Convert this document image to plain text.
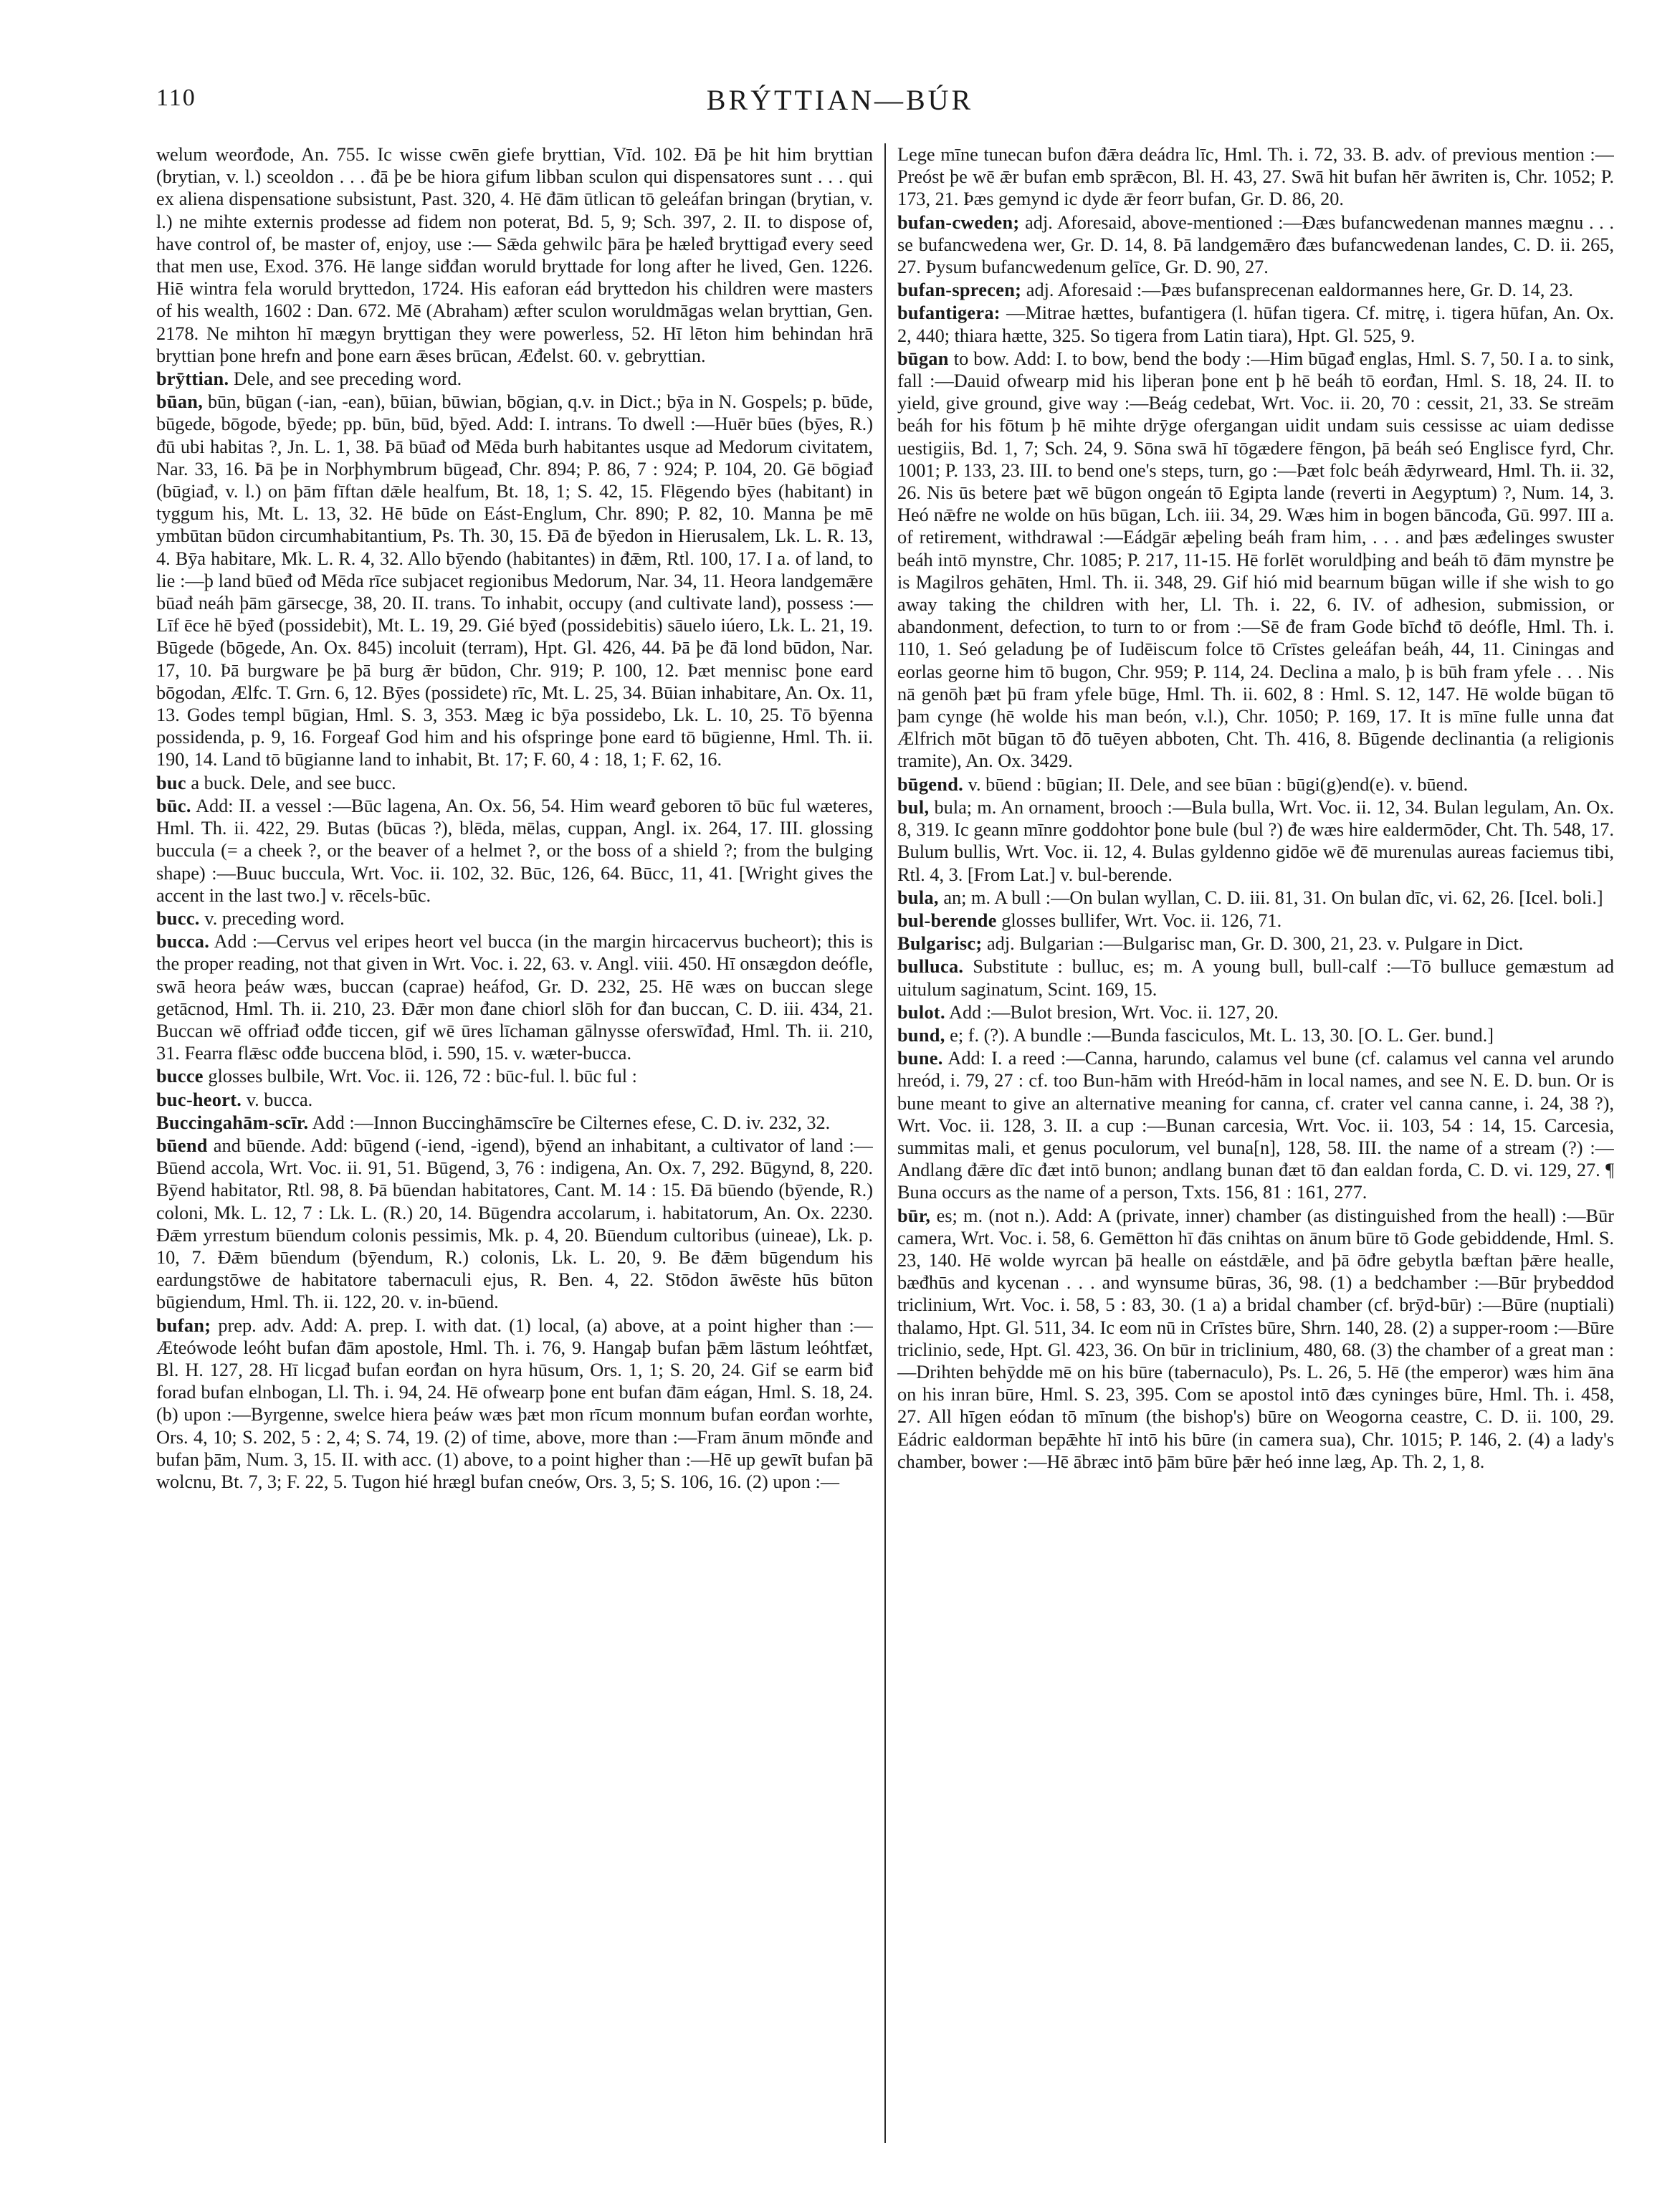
110	BRÝTTIAN—BÚR

welum weorđode, An. 755. Ic wisse cwēn giefe bryttian, Vīd. 102. Đā þe hit him bryttian (brytian, v. l.) sceoldon . . . đā þe be hiora gifum libban sculon qui dispensatores sunt . . . qui ex aliena dispensatione subsistunt, Past. 320, 4. Hē đām ūtlican tō geleáfan bringan (brytian, v. l.) ne mihte externis prodesse ad fidem non poterat, Bd. 5, 9; Sch. 397, 2. II. to dispose of, have control of, be master of, enjoy, use :— Sǣda gehwilc þāra þe hæleđ bryttigađ every seed that men use, Exod. 376. Hē lange siđđan woruld bryttade for long after he lived, Gen. 1226. Hiē wintra fela woruld bryttedon, 1724. His eaforan eád bryttedon his children were masters of his wealth, 1602 : Dan. 672. Mē (Abraham) æfter sculon woruldmāgas welan bryttian, Gen. 2178. Ne mihton hī mægyn bryttigan they were powerless, 52. Hī lēton him behindan hrā bryttian þone hrefn and þone earn ǣses brūcan, Æđelst. 60. v. gebryttian.

brȳttian. Dele, and see preceding word.

būan, būn, būgan (-ian, -ean), būian, būwian, bōgian, q.v. in Dict.; bȳa in N. Gospels; p. būde, būgede, bōgode, bȳede; pp. būn, būd, bȳed. Add: I. intrans. To dwell :—Huēr būes (bȳes, R.) đū ubi habitas ?, Jn. L. 1, 38. Þā būađ ođ Mēda burh habitantes usque ad Medorum civitatem, Nar. 33, 16. Þā þe in Norþhymbrum būgeađ, Chr. 894; P. 86, 7 : 924; P. 104, 20. Gē bōgiađ (būgiađ, v. l.) on þām fīftan dǣle healfum, Bt. 18, 1; S. 42, 15. Flēgendo bȳes (habitant) in tyggum his, Mt. L. 13, 32. Hē būde on Eást-Englum, Chr. 890; P. 82, 10. Manna þe mē ymbūtan būdon circumhabitantium, Ps. Th. 30, 15. Đā đe bȳedon in Hierusalem, Lk. L. R. 13, 4. Bȳa habitare, Mk. L. R. 4, 32. Allo bȳendo (habitantes) in đǣm, Rtl. 100, 17. I a. of land, to lie :—þ land būeđ ođ Mēda rīce subjacet regionibus Medorum, Nar. 34, 11. Heora landgemǣre būađ neáh þām gārsecge, 38, 20. II. trans. To inhabit, occupy (and cultivate land), possess :— Līf ēce hē bȳeđ (possidebit), Mt. L. 19, 29. Gié bȳeđ (possidebitis) sāuelo iúero, Lk. L. 21, 19. Būgede (bōgede, An. Ox. 845) incoluit (terram), Hpt. Gl. 426, 44. Þā þe đā lond būdon, Nar. 17, 10. Þā burgware þe þā burg ǣr būdon, Chr. 919; P. 100, 12. Þæt mennisc þone eard bōgodan, Ælfc. T. Grn. 6, 12. Bȳes (possidete) rīc, Mt. L. 25, 34. Būian inhabitare, An. Ox. 11, 13. Godes templ būgian, Hml. S. 3, 353. Mæg ic bȳa possidebo, Lk. L. 10, 25. Tō bȳenna possidenda, p. 9, 16. Forgeaf God him and his ofspringe þone eard tō būgienne, Hml. Th. ii. 190, 14. Land tō būgianne land to inhabit, Bt. 17; F. 60, 4 : 18, 1; F. 62, 16.

buc a buck. Dele, and see bucc.

būc. Add: II. a vessel :—Būc lagena, An. Ox. 56, 54. Him wearđ geboren tō būc ful wæteres, Hml. Th. ii. 422, 29. Butas (būcas ?), blēda, mēlas, cuppan, Angl. ix. 264, 17. III. glossing buccula (= a cheek ?, or the beaver of a helmet ?, or the boss of a shield ?; from the bulging shape) :—Buuc buccula, Wrt. Voc. ii. 102, 32. Būc, 126, 64. Būcc, 11, 41. [Wright gives the accent in the last two.] v. rēcels-būc.

bucc. v. preceding word.

bucca. Add :—Cervus vel eripes heort vel bucca (in the margin hircacervus bucheort); this is the proper reading, not that given in Wrt. Voc. i. 22, 63. v. Angl. viii. 450. Hī onsægdon deófle, swā heora þeáw wæs, buccan (caprae) heáfod, Gr. D. 232, 25. Hē wæs on buccan slege getācnod, Hml. Th. ii. 210, 23. Đǣr mon đane chiorl slōh for đan buccan, C. D. iii. 434, 21. Buccan wē offriađ ođđe ticcen, gif wē ūres līchaman gālnysse oferswīđađ, Hml. Th. ii. 210, 31. Fearra flǣsc ođđe buccena blōd, i. 590, 15. v. wæter-bucca.

bucce glosses bulbile, Wrt. Voc. ii. 126, 72 : būc-ful. l. būc ful :

buc-heort. v. bucca.

Buccingahām-scīr. Add :—Innon Buccinghāmscīre be Cilternes efese, C. D. iv. 232, 32.

būend and būende. Add: būgend (-iend, -igend), bȳend an inhabitant, a cultivator of land :—Būend accola, Wrt. Voc. ii. 91, 51. Būgend, 3, 76 : indigena, An. Ox. 7, 292. Būgynd, 8, 220. Bȳend habitator, Rtl. 98, 8. Þā būendan habitatores, Cant. M. 14 : 15. Đā būendo (bȳende, R.) coloni, Mk. L. 12, 7 : Lk. L. (R.) 20, 14. Būgendra accolarum, i. habitatorum, An. Ox. 2230. Đǣm yrrestum būendum colonis pessimis, Mk. p. 4, 20. Būendum cultoribus (uineae), Lk. p. 10, 7. Đǣm būendum (bȳendum, R.) colonis, Lk. L. 20, 9. Be đǣm būgendum his eardungstōwe de habitatore tabernaculi ejus, R. Ben. 4, 22. Stōdon āwēste hūs būton būgiendum, Hml. Th. ii. 122, 20. v. in-būend.

bufan; prep. adv. Add: A. prep. I. with dat. (1) local, (a) above, at a point higher than :—Æteówode leóht bufan đām apostole, Hml. Th. i. 76, 9. Hangaþ bufan þǣm lāstum leóhtfæt, Bl. H. 127, 28. Hī licgađ bufan eorđan on hyra hūsum, Ors. 1, 1; S. 20, 24. Gif se earm biđ forad bufan elnbogan, Ll. Th. i. 94, 24. Hē ofwearp þone ent bufan đām eágan, Hml. S. 18, 24. (b) upon :—Byrgenne, swelce hiera þeáw wæs þæt mon rīcum monnum bufan eorđan worhte, Ors. 4, 10; S. 202, 5 : 2, 4; S. 74, 19. (2) of time, above, more than :—Fram ānum mōnđe and bufan þām, Num. 3, 15. II. with acc. (1) above, to a point higher than :—Hē up gewīt bufan þā wolcnu, Bt. 7, 3; F. 22, 5. Tugon hié hrægl bufan cneów, Ors. 3, 5; S. 106, 16. (2) upon :—

Lege mīne tunecan bufon đǣra deádra līc, Hml. Th. i. 72, 33. B. adv. of previous mention :—Preóst þe wē ǣr bufan emb sprǣcon, Bl. H. 43, 27. Swā hit bufan hēr āwriten is, Chr. 1052; P. 173, 21. Þæs gemynd ic dyde ǣr feorr bufan, Gr. D. 86, 20.

bufan-cweden; adj. Aforesaid, above-mentioned :—Đæs bufancwedenan mannes mægnu . . . se bufancwedena wer, Gr. D. 14, 8. Þā landgemǣro đæs bufancwedenan landes, C. D. ii. 265, 27. Þysum bufancwedenum gelīce, Gr. D. 90, 27.

bufan-sprecen; adj. Aforesaid :—Þæs bufansprecenan ealdormannes here, Gr. D. 14, 23.

bufantigera: —Mitrae hættes, bufantigera (l. hūfan tigera. Cf. mitrę, i. tigera hūfan, An. Ox. 2, 440; thiara hætte, 325. So tigera from Latin tiara), Hpt. Gl. 525, 9.

būgan to bow. Add: I. to bow, bend the body :—Him būgađ englas, Hml. S. 7, 50. I a. to sink, fall :—Dauid ofwearp mid his liþeran þone ent þ hē beáh tō eorđan, Hml. S. 18, 24. II. to yield, give ground, give way :—Beág cedebat, Wrt. Voc. ii. 20, 70 : cessit, 21, 33. Se streām beáh for his fōtum þ hē mihte drȳge ofergangan uidit undam suis cessisse ac uiam dedisse uestigiis, Bd. 1, 7; Sch. 24, 9. Sōna swā hī tōgædere fēngon, þā beáh seó Englisce fyrd, Chr. 1001; P. 133, 23. III. to bend one's steps, turn, go :—Þæt folc beáh ǣdyrweard, Hml. Th. ii. 32, 26. Nis ūs betere þæt wē būgon ongeán tō Egipta lande (reverti in Aegyptum) ?, Num. 14, 3. Heó nǣfre ne wolde on hūs būgan, Lch. iii. 34, 29. Wæs him in bogen bāncođa, Gū. 997. III a. of retirement, withdrawal :—Eádgār æþeling beáh fram him, . . . and þæs æđelinges swuster beáh intō mynstre, Chr. 1085; P. 217, 11-15. Hē forlēt woruldþing and beáh tō đām mynstre þe is Magilros gehāten, Hml. Th. ii. 348, 29. Gif hió mid bearnum būgan wille if she wish to go away taking the children with her, Ll. Th. i. 22, 6. IV. of adhesion, submission, or abandonment, defection, to turn to or from :—Sē đe fram Gode bīchđ tō deófle, Hml. Th. i. 110, 1. Seó geladung þe of Iudēiscum folce tō Crīstes geleáfan beáh, 44, 11. Ciningas and eorlas georne him tō bugon, Chr. 959; P. 114, 24. Declina a malo, þ is būh fram yfele . . . Nis nā genōh þæt þū fram yfele būge, Hml. Th. ii. 602, 8 : Hml. S. 12, 147. Hē wolde būgan tō þam cynge (hē wolde his man beón, v.l.), Chr. 1050; P. 169, 17. It is mīne fulle unna đat Ælfrich mōt būgan tō đō tuēyen abboten, Cht. Th. 416, 8. Būgende declinantia (a religionis tramite), An. Ox. 3429.

būgend. v. būend : būgian; II. Dele, and see būan : būgi(g)end(e). v. būend.

bul, bula; m. An ornament, brooch :—Bula bulla, Wrt. Voc. ii. 12, 34. Bulan legulam, An. Ox. 8, 319. Ic geann mīnre goddohtor þone bule (bul ?) đe wæs hire ealdermōder, Cht. Th. 548, 17. Bulum bullis, Wrt. Voc. ii. 12, 4. Bulas gyldenno gidōe wē đē murenulas aureas faciemus tibi, Rtl. 4, 3. [From Lat.] v. bul-berende.

bula, an; m. A bull :—On bulan wyllan, C. D. iii. 81, 31. On bulan dīc, vi. 62, 26. [Icel. boli.]

bul-berende glosses bullifer, Wrt. Voc. ii. 126, 71.

Bulgarisc; adj. Bulgarian :—Bulgarisc man, Gr. D. 300, 21, 23. v. Pulgare in Dict.

bulluca. Substitute : bulluc, es; m. A young bull, bull-calf :—Tō bulluce gemæstum ad uitulum saginatum, Scint. 169, 15.

bulot. Add :—Bulot bresion, Wrt. Voc. ii. 127, 20.

bund, e; f. (?). A bundle :—Bunda fasciculos, Mt. L. 13, 30. [O. L. Ger. bund.]

bune. Add: I. a reed :—Canna, harundo, calamus vel bune (cf. calamus vel canna vel arundo hreód, i. 79, 27 : cf. too Bun-hām with Hreód-hām in local names, and see N. E. D. bun. Or is bune meant to give an alternative meaning for canna, cf. crater vel canna canne, i. 24, 38 ?), Wrt. Voc. ii. 128, 3. II. a cup :—Bunan carcesia, Wrt. Voc. ii. 103, 54 : 14, 15. Carcesia, summitas mali, et genus poculorum, vel buna[n], 128, 58. III. the name of a stream (?) :—Andlang đǣre dīc đæt intō bunon; andlang bunan đæt tō đan ealdan forda, C. D. vi. 129, 27. ¶ Buna occurs as the name of a person, Txts. 156, 81 : 161, 277.

būr, es; m. (not n.). Add: A (private, inner) chamber (as distinguished from the heall) :—Būr camera, Wrt. Voc. i. 58, 6. Gemētton hī đās cnihtas on ānum būre tō Gode gebiddende, Hml. S. 23, 140. Hē wolde wyrcan þā healle on eástdǣle, and þā ōđre gebytla bæftan þǣre healle, bæđhūs and kycenan . . . and wynsume būras, 36, 98. (1) a bedchamber :—Būr þrybeddod triclinium, Wrt. Voc. i. 58, 5 : 83, 30. (1 a) a bridal chamber (cf. brȳd-būr) :—Būre (nuptiali) thalamo, Hpt. Gl. 511, 34. Ic eom nū in Crīstes būre, Shrn. 140, 28. (2) a supper-room :—Būre triclinio, sede, Hpt. Gl. 423, 36. On būr in triclinium, 480, 68. (3) the chamber of a great man :—Drihten behȳdde mē on his būre (tabernaculo), Ps. L. 26, 5. Hē (the emperor) wæs him āna on his inran būre, Hml. S. 23, 395. Com se apostol intō đæs cyninges būre, Hml. Th. i. 458, 27. All hīgen eódan tō mīnum (the bishop's) būre on Weogorna ceastre, C. D. ii. 100, 29. Eádric ealdorman bepǣhte hī intō his būre (in camera sua), Chr. 1015; P. 146, 2. (4) a lady's chamber, bower :—Hē ābræc intō þām būre þǣr heó inne læg, Ap. Th. 2, 1, 8.
